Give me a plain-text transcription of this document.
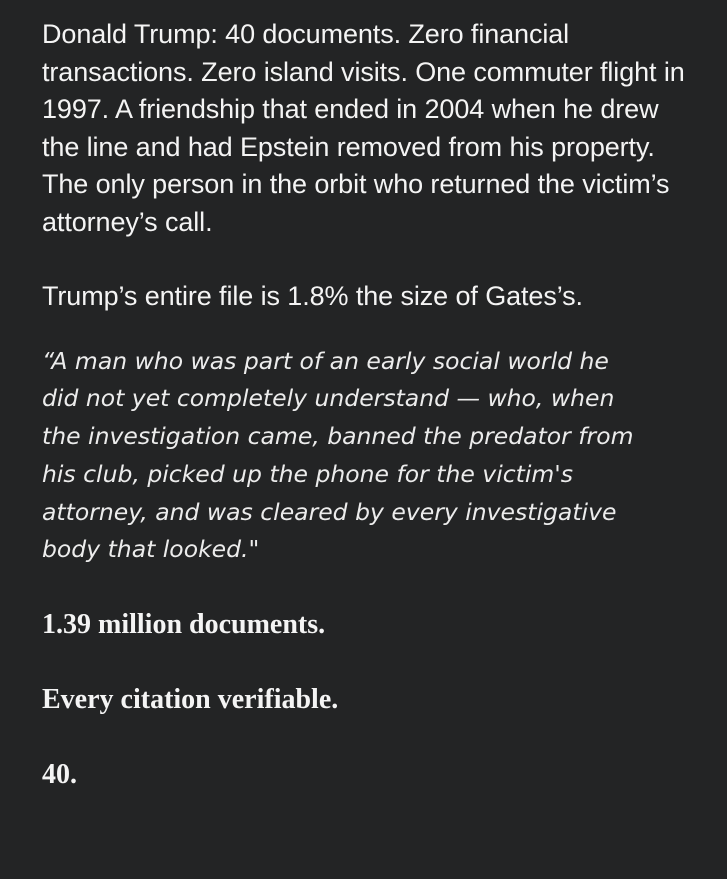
Donald Trump: 40 documents. Zero financial transactions. Zero island visits. One commuter flight in 1997. A friendship that ended in 2004 when he drew the line and had Epstein removed from his property. The only person in the orbit who returned the victim’s attorney’s call.

Trump’s entire file is 1.8% the size of Gates’s.

“A man who was part of an early social world he did not yet completely understand — who, when the investigation came, banned the predator from his club, picked up the phone for the victim's attorney, and was cleared by every investigative body that looked."

1.39 million documents.

Every citation verifiable.

40.
